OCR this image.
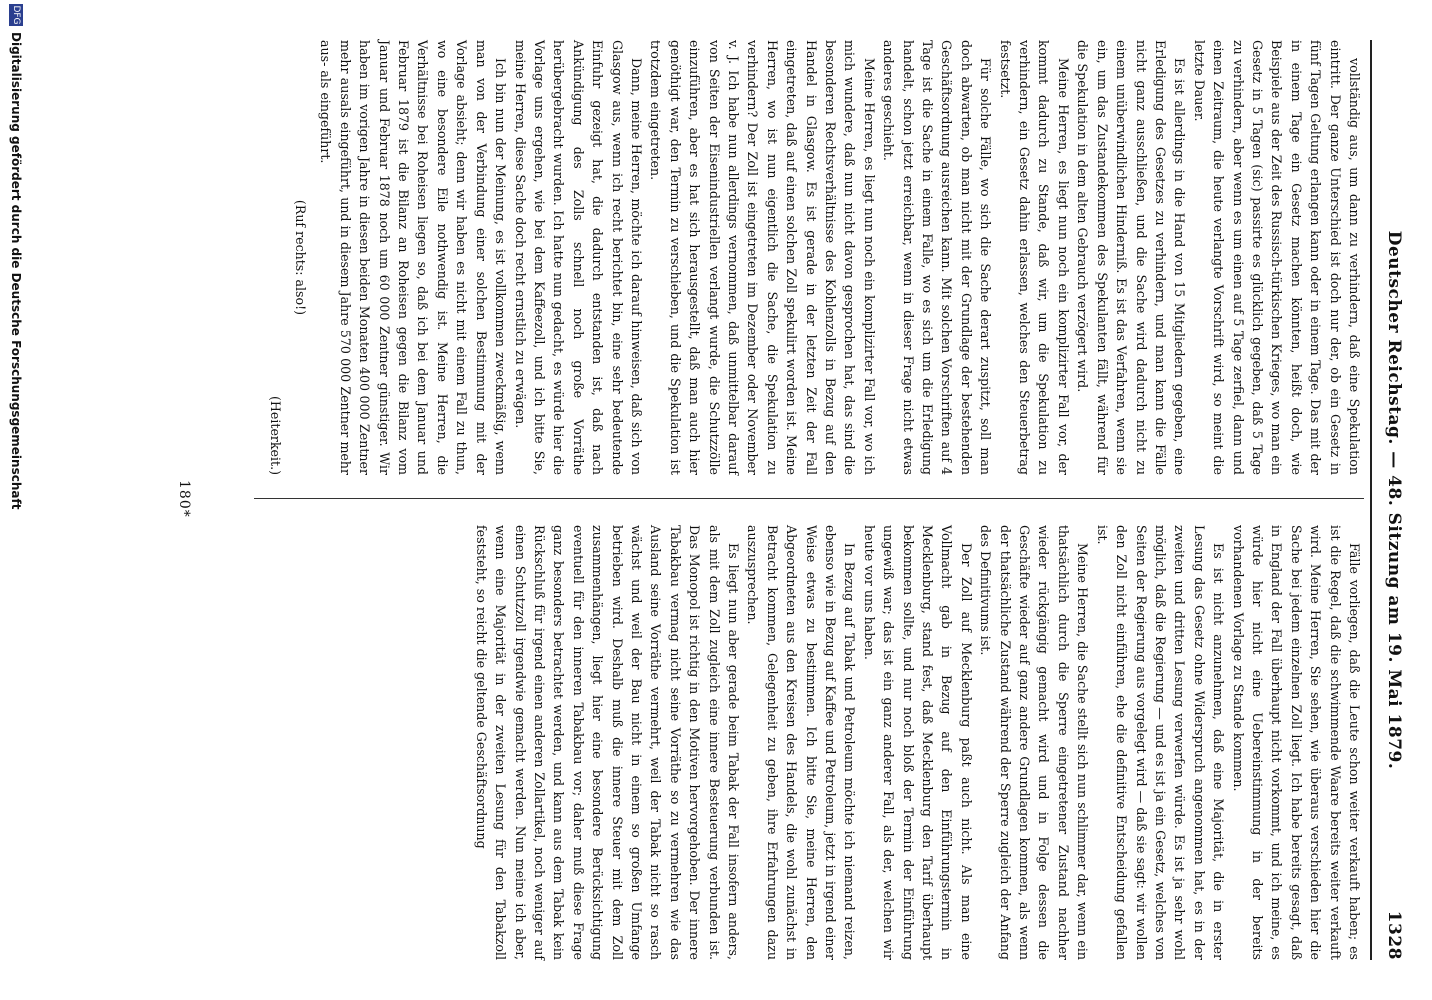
1328
Deutscher Reichstag. — 48. Sitzung am 19. Mai 1879.

vollständig aus, um dann zu verhindern, daß eine Spekulation eintritt. Der ganze Unterschied ist doch nur der, ob ein Gesetz in fünf Tagen Geltung erlangen kann oder in einem Tage. Das mit der in einem Tage ein Gesetz machen könnten, heißt doch, wie Beispiele aus der Zeit des Russisch-türkischen Krieges, wo man ein Gesetz in 5 Tagen (sic) passirte es glücklich gegeben, daß 5 Tage zu verhindern, aber wenn es um einen auf 5 Tage zerfiel, dann und einen Zeitraum, die heute verlangte Vorschrift wird, so meint die letzte Dauer.

Es ist allerdings in die Hand von 15 Mitgliedern gegeben, eine Erledigung des Gesetzes zu verhindern, und man kann die Fälle nicht ganz ausschließen, und die Sache wird dadurch nicht zu einem unüberwindlichen Hinderniß. Es ist das Verfahren, wenn sie ein, um das Zustandekommen des Spekulanten fällt, während für die Spekulation in dem alten Gebrauch verzögert wird.

Meine Herren, es liegt nun noch ein komplizirter Fall vor, der kommt dadurch zu Stande, daß wir, um die Spekulation zu verhindern, ein Gesetz dahin erlassen, welches den Steuerbetrag festsetzt.

Für solche Fälle, wo sich die Sache derart zuspitzt, soll man doch abwarten, ob man nicht mit der Grundlage der bestehenden Geschäftsordnung ausreichen kann. Mit solchen Vorschriften auf 4 Tage ist die Sache in einem Falle, wo es sich um die Erledigung handelt, schon jetzt erreichbar, wenn in dieser Frage nicht etwas anderes geschieht.

Meine Herren, es liegt nun noch ein komplizirter Fall vor, wo ich mich wundere, daß nun nicht davon gesprochen hat, das sind die besonderen Rechtsverhältnisse des Kohlenzolls in Bezug auf den Handel in Glasgow. Es ist gerade in der letzten Zeit der Fall eingetreten, daß auf einen solchen Zoll spekulirt worden ist. Meine Herren, wo ist nun eigentlich die Sache, die Spekulation zu verhindern? Der Zoll ist eingetreten im Dezember oder November v. J. Ich habe nun allerdings vernommen, daß unmittelbar darauf von Seiten der Eisenindustriellen verlangt wurde, die Schutzzölle einzuführen, aber es hat sich herausgestellt, daß man auch hier genöthigt war, den Termin zu verschieben, und die Spekulation ist trotzdem eingetreten.

Dann, meine Herren, möchte ich darauf hinweisen, daß sich von Glasgow aus, wenn ich recht berichtet bin, eine sehr bedeutende Einfuhr gezeigt hat, die dadurch entstanden ist, daß nach Ankündigung des Zolls schnell noch große Vorräthe herübergebracht wurden. Ich hatte nun gedacht, es würde hier die Vorlage uns ergehen, wie bei dem Kaffeezoll, und ich bitte Sie, meine Herren, diese Sache doch recht ernstlich zu erwägen.

Ich bin nun der Meinung, es ist vollkommen zweckmäßig, wenn man von der Verbindung einer solchen Bestimmung mit der Vorlage absieht; denn wir haben es nicht mit einem Fall zu thun, wo eine besondere Eile nothwendig ist. Meine Herren, die Verhältnisse bei Roheisen liegen so, daß ich bei dem Januar und Februar 1879 ist die Bilanz an Roheisen gegen die Bilanz vom Januar und Februar 1878 noch um 60 000 Zentner günstiger. Wir haben im vorigen Jahre in diesen beiden Monaten 400 000 Zentner mehr ausals eingeführt, und in diesem Jahre 570 000 Zentner mehr aus- als eingeführt.

(Ruf rechts: also!)

(Heiterkeit.)

Fälle vorliegen, daß die Leute schon weiter verkauft haben; es ist die Regel, daß die schwimmende Waare bereits weiter verkauft wird. Meine Herren, Sie sehen, wie überaus verschieden hier die Sache bei jedem einzelnen Zoll liegt. Ich habe bereits gesagt, daß in England der Fall überhaupt nicht vorkommt, und ich meine, es würde hier nicht eine Uebereinstimmung in der bereits vorhandenen Vorlage zu Stande kommen.

Es ist nicht anzunehmen, daß eine Majorität, die in erster Lesung das Gesetz ohne Widerspruch angenommen hat, es in der zweiten und dritten Lesung verwerfen würde. Es ist ja sehr wohl möglich, daß die Regierung — und es ist ja ein Gesetz, welches von Seiten der Regierung aus vorgelegt wird — daß sie sagt: wir wollen den Zoll nicht einführen, ehe die definitive Entscheidung gefallen ist.

Meine Herren, die Sache stellt sich nun schlimmer dar, wenn ein thatsächlich durch die Sperre eingetretener Zustand nachher wieder rückgängig gemacht wird und in Folge dessen die Geschäfte wieder auf ganz andere Grundlagen kommen, als wenn der thatsächliche Zustand während der Sperre zugleich der Anfang des Definitivums ist.

Der Zoll auf Mecklenburg paßt auch nicht. Als man eine Vollmacht gab in Bezug auf den Einführungstermin in Mecklenburg, stand fest, daß Mecklenburg den Tarif überhaupt bekommen sollte, und nur noch bloß der Termin der Einführung ungewiß war; das ist ein ganz anderer Fall, als der, welchen wir heute vor uns haben.

In Bezug auf Tabak und Petroleum möchte ich niemand reizen, ebenso wie in Bezug auf Kaffee und Petroleum, jetzt in irgend einer Weise etwas zu bestimmen. Ich bitte Sie, meine Herren, den Abgeordneten aus den Kreisen des Handels, die wohl zunächst in Betracht kommen, Gelegenheit zu geben, ihre Erfahrungen dazu auszusprechen.

Es liegt nun aber gerade beim Tabak der Fall insofern anders, als mit dem Zoll zugleich eine innere Besteuerung verbunden ist. Das Monopol ist richtig in den Motiven hervorgehoben. Der innere Tabakbau vermag nicht seine Vorräthe so zu vermehren wie das Ausland seine Vorräthe vermehrt, weil der Tabak nicht so rasch wächst und weil der Bau nicht in einem so großen Umfange betrieben wird. Deshalb muß die innere Steuer mit dem Zoll zusammenhängen, liegt hier eine besondere Berücksichtigung eventuell für den inneren Tabakbau vor; daher muß diese Frage ganz besonders betrachtet werden, und kann aus dem Tabak kein Rückschluß für irgend einen anderen Zollartikel, noch weniger auf einen Schutzzoll irgendwie gemacht werden. Nun meine ich aber, wenn eine Majorität in der zweiten Lesung für den Tabakzoll feststeht, so reicht die geltende Geschäftsordnung

180*
DFG
Digitalisierung gefördert durch die Deutsche Forschungsgemeinschaft
